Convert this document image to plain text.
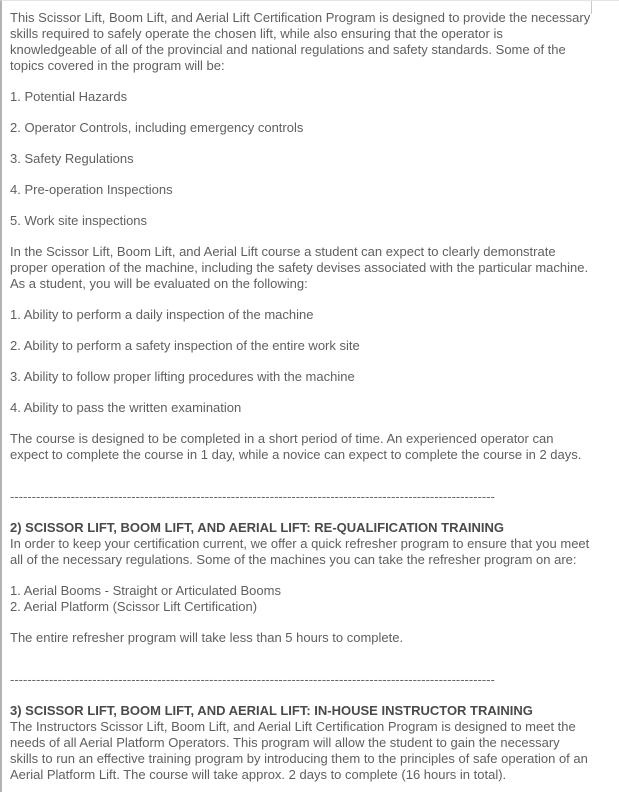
This Scissor Lift, Boom Lift, and Aerial Lift Certification Program is designed to provide the necessary skills required to safely operate the chosen lift, while also ensuring that the operator is knowledgeable of all of the provincial and national regulations and safety standards. Some of the topics covered in the program will be:

1. Potential Hazards

2. Operator Controls, including emergency controls

3. Safety Regulations

4. Pre-operation Inspections

5. Work site inspections

In the Scissor Lift, Boom Lift, and Aerial Lift course a student can expect to clearly demonstrate proper operation of the machine, including the safety devises associated with the particular machine. As a student, you will be evaluated on the following:

1. Ability to perform a daily inspection of the machine

2. Ability to perform a safety inspection of the entire work site

3. Ability to follow proper lifting procedures with the machine

4. Ability to pass the written examination

The course is designed to be completed in a short period of time. An experienced operator can expect to complete the course in 1 day, while a novice can expect to complete the course in 2 days.

----------------------------------------------------------------------------------------------------------------

2) SCISSOR LIFT, BOOM LIFT, AND AERIAL LIFT: RE-QUALIFICATION TRAINING
In order to keep your certification current, we offer a quick refresher program to ensure that you meet all of the necessary regulations. Some of the machines you can take the refresher program on are:

1. Aerial Booms - Straight or Articulated Booms
2. Aerial Platform (Scissor Lift Certification)

The entire refresher program will take less than 5 hours to complete.

----------------------------------------------------------------------------------------------------------------

3) SCISSOR LIFT, BOOM LIFT, AND AERIAL LIFT: IN-HOUSE INSTRUCTOR TRAINING
The Instructors Scissor Lift, Boom Lift, and Aerial Lift Certification Program is designed to meet the needs of all Aerial Platform Operators. This program will allow the student to gain the necessary skills to run an effective training program by introducing them to the principles of safe operation of an Aerial Platform Lift. The course will take approx. 2 days to complete (16 hours in total).
